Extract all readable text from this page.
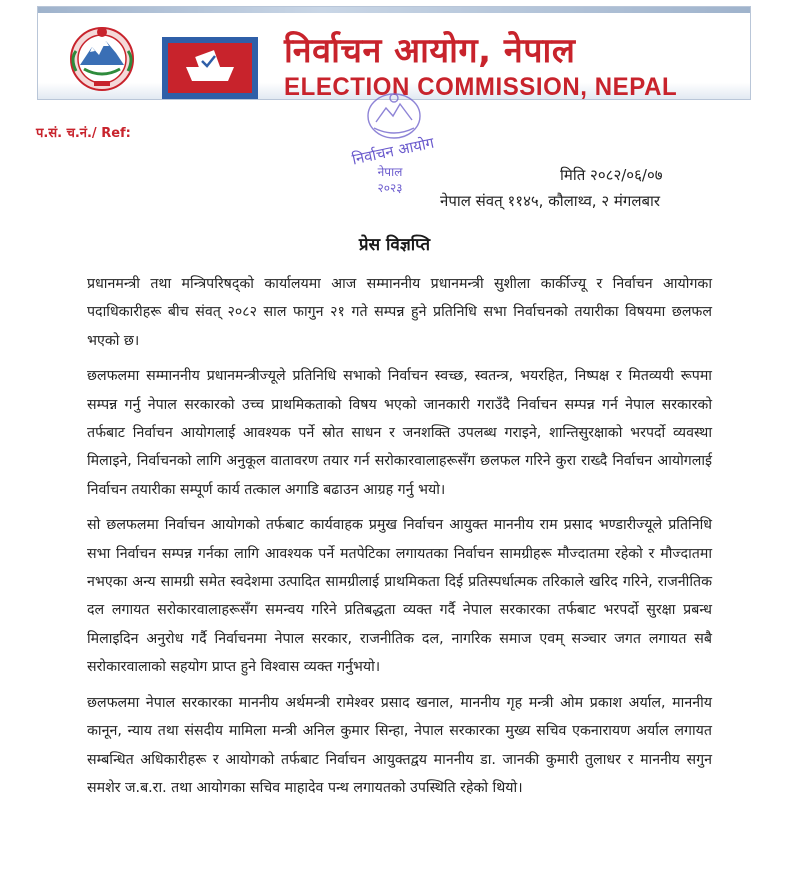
निर्वाचन आयोग, नेपाल
ELECTION COMMISSION, NEPAL
प.सं. च.नं./ Ref:
निर्वाचन आयोग
नेपाल
२०२३
मिति २०८२/०६/०७
नेपाल संवत् ११४५, कौलाथ्व, २ मंगलबार
प्रेस विज्ञप्ति

प्रधानमन्त्री तथा मन्त्रिपरिषद्को कार्यालयमा आज सम्माननीय प्रधानमन्त्री सुशीला कार्कीज्यू र निर्वाचन आयोगका पदाधिकारीहरू बीच संवत् २०८२ साल फागुन २१ गते सम्पन्न हुने प्रतिनिधि सभा निर्वाचनको तयारीका विषयमा छलफल भएको छ।

छलफलमा सम्माननीय प्रधानमन्त्रीज्यूले प्रतिनिधि सभाको निर्वाचन स्वच्छ, स्वतन्त्र, भयरहित, निष्पक्ष र मितव्ययी रूपमा सम्पन्न गर्नु नेपाल सरकारको उच्च प्राथमिकताको विषय भएको जानकारी गराउँदै निर्वाचन सम्पन्न गर्न नेपाल सरकारको तर्फबाट निर्वाचन आयोगलाई आवश्यक पर्ने स्रोत साधन र जनशक्ति उपलब्ध गराइने, शान्तिसुरक्षाको भरपर्दो व्यवस्था मिलाइने, निर्वाचनको लागि अनुकूल वातावरण तयार गर्न सरोकारवालाहरूसँग छलफल गरिने कुरा राख्दै निर्वाचन आयोगलाई निर्वाचन तयारीका सम्पूर्ण कार्य तत्काल अगाडि बढाउन आग्रह गर्नु भयो।

सो छलफलमा निर्वाचन आयोगको तर्फबाट कार्यवाहक प्रमुख निर्वाचन आयुक्त माननीय राम प्रसाद भण्डारीज्यूले प्रतिनिधि सभा निर्वाचन सम्पन्न गर्नका लागि आवश्यक पर्ने मतपेटिका लगायतका निर्वाचन सामग्रीहरू मौज्दातमा रहेको र मौज्दातमा नभएका अन्य सामग्री समेत स्वदेशमा उत्पादित सामग्रीलाई प्राथमिकता दिई प्रतिस्पर्धात्मक तरिकाले खरिद गरिने, राजनीतिक दल लगायत सरोकारवालाहरूसँग समन्वय गरिने प्रतिबद्धता व्यक्त गर्दै नेपाल सरकारका तर्फबाट भरपर्दो सुरक्षा प्रबन्ध मिलाइदिन अनुरोध गर्दै निर्वाचनमा नेपाल सरकार, राजनीतिक दल, नागरिक समाज एवम् सञ्चार जगत लगायत सबै सरोकारवालाको सहयोग प्राप्त हुने विश्वास व्यक्त गर्नुभयो।

छलफलमा नेपाल सरकारका माननीय अर्थमन्त्री रामेश्वर प्रसाद खनाल, माननीय गृह मन्त्री ओम प्रकाश अर्याल, माननीय कानून, न्याय तथा संसदीय मामिला मन्त्री अनिल कुमार सिन्हा, नेपाल सरकारका मुख्य सचिव एकनारायण अर्याल लगायत सम्बन्धित अधिकारीहरू र आयोगको तर्फबाट निर्वाचन आयुक्तद्वय माननीय डा. जानकी कुमारी तुलाधर र माननीय सगुन समशेर ज.ब.रा. तथा आयोगका सचिव माहादेव पन्थ लगायतको उपस्थिति रहेको थियो।
